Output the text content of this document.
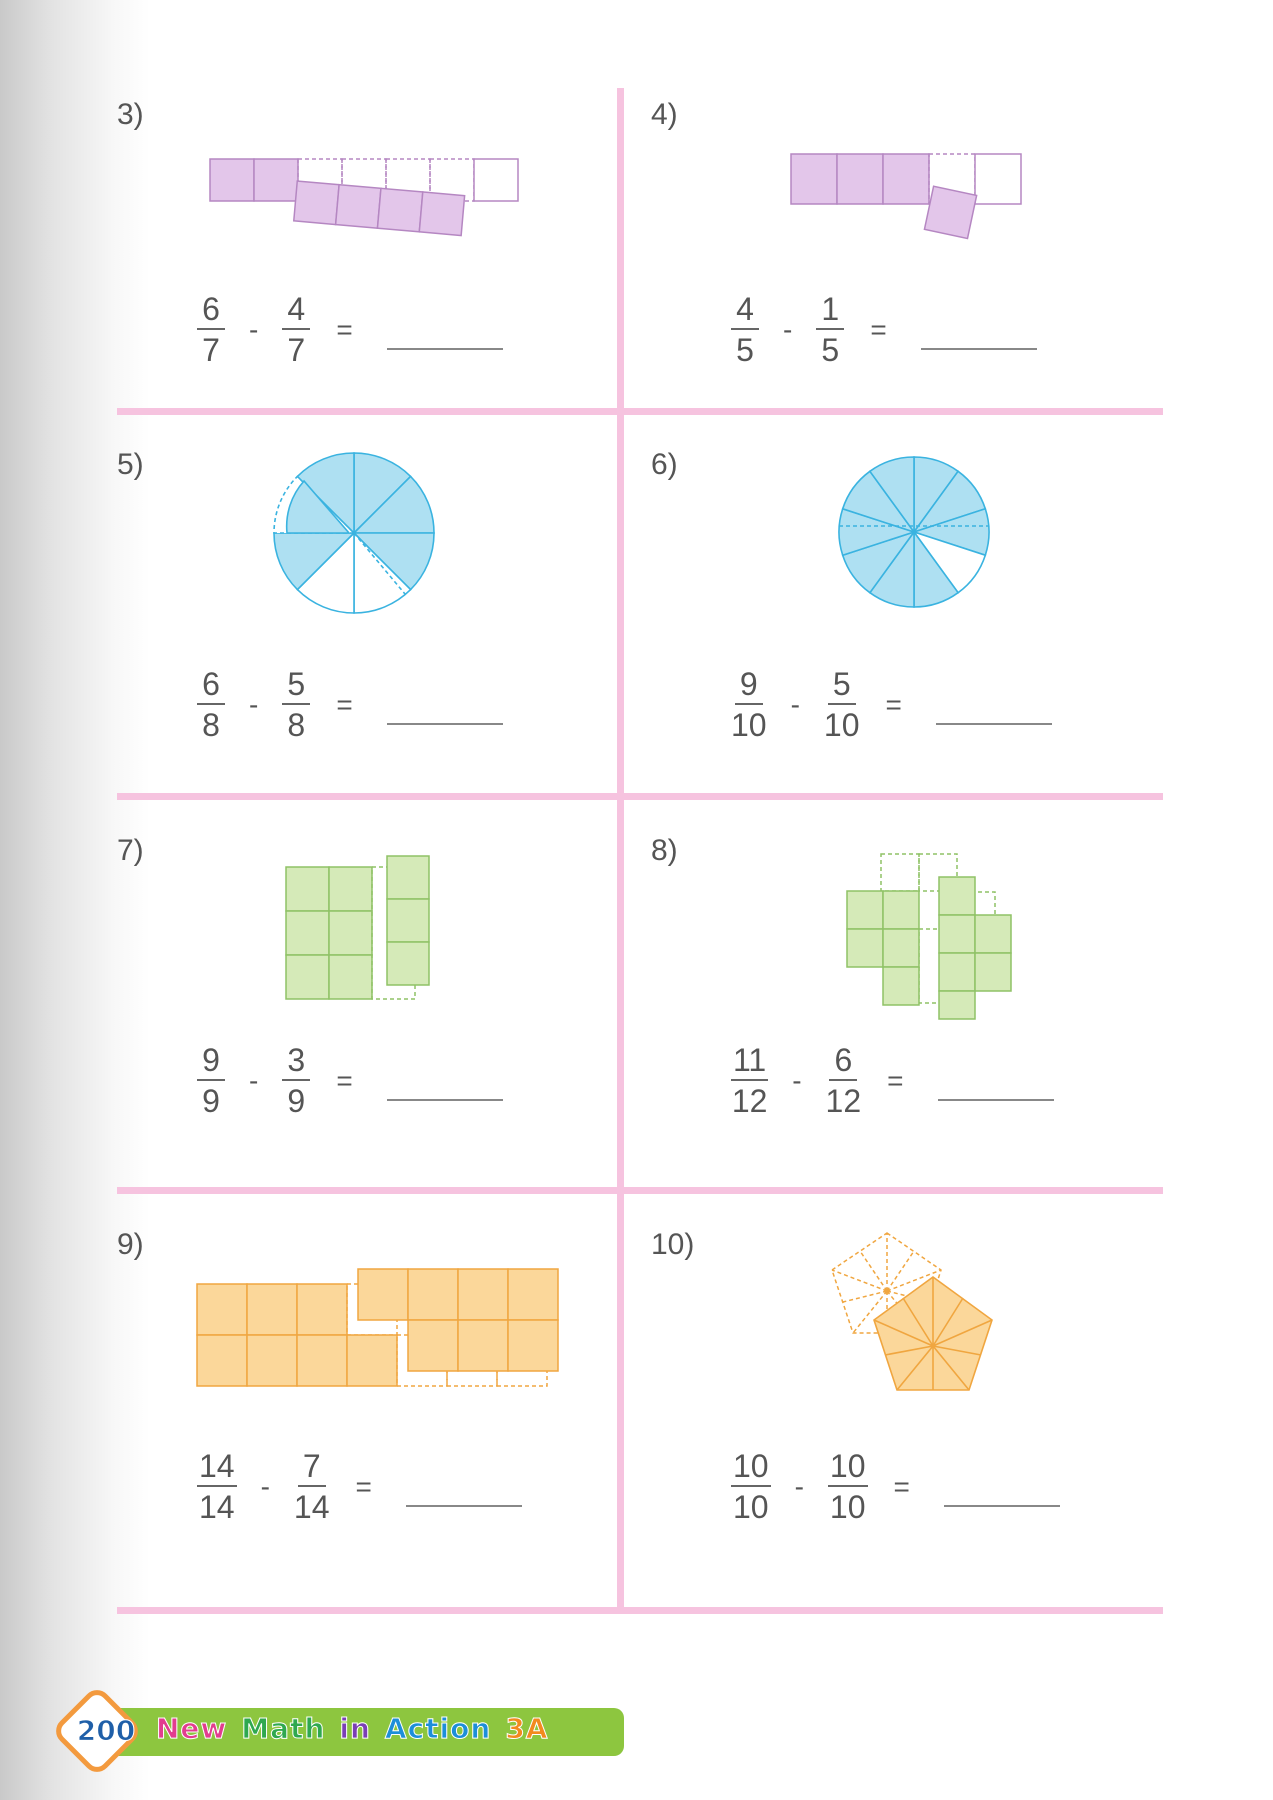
3)
$\frac{6}{7} - \frac{4}{7}$ =
4)
$\frac{4}{5} - \frac{1}{5}$ =
5)
$\frac{6}{8} - \frac{5}{8}$ =
6)
$\frac{9}{10} - \frac{5}{10}$ =
7)
$\frac{9}{9} - \frac{3}{9}$ =
8)
$\frac{11}{12} - \frac{6}{12}$ =
9)
$\frac{14}{14} - \frac{7}{14}$ =
10)
$\frac{10}{10} - \frac{10}{10}$ =
200 New Math in Action 3A
